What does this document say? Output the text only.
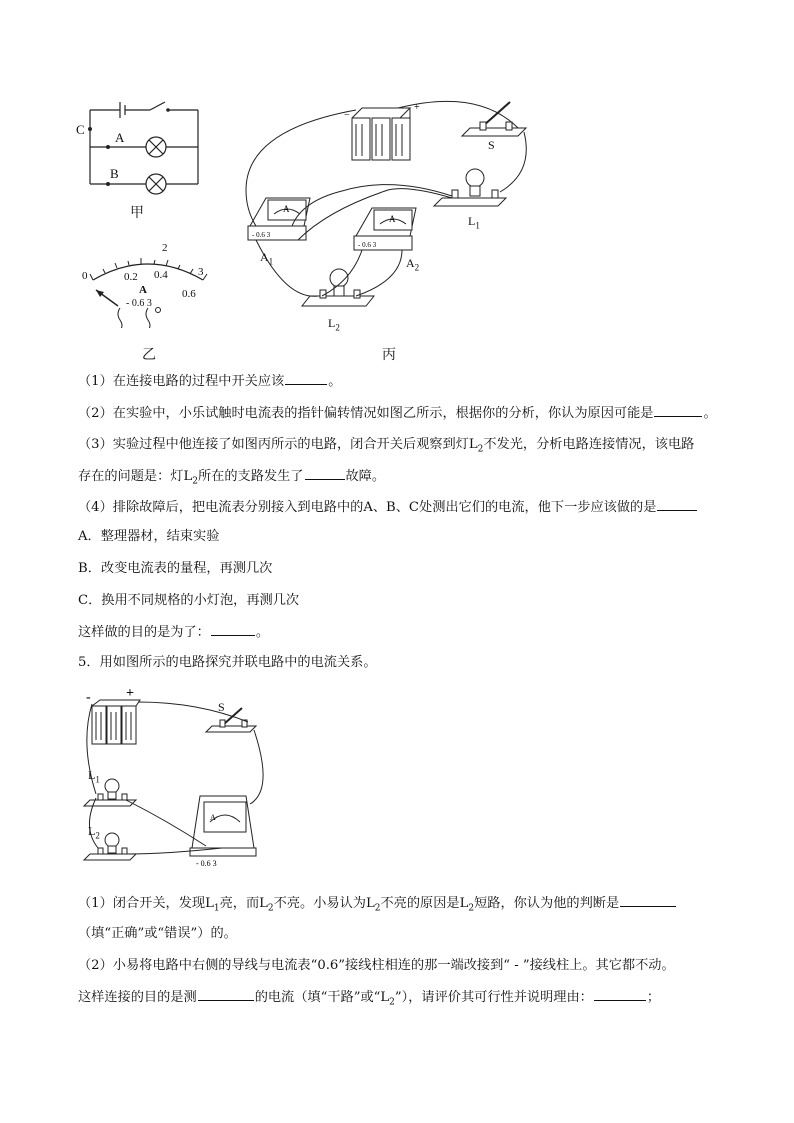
C
A
B
甲
0
2
3
0.2 0.4
0.6
A
- 0.6 3
乙
−
+
A
A
- 0.6 3
- 0.6 3
S
$L_1$
$A_1$	$A_2$
$L_2$
丙
（1）在连接电路的过程中开关应该	。
（2）在实验中，小乐试触时电流表的指针偏转情况如图乙所示，根据你的分析，你认为原因可能是	。
（3）实验过程中他连接了如图丙所示的电路，闭合开关后观察到灯$L_2$不发光，分析电路连接情况，该电路
存在的问题是：灯$L_2$所在的支路发生了	故障。
（4）排除故障后，把电流表分别接入到电路中的A、B、C处测出它们的电流，他下一步应该做的是
A．整理器材，结束实验
B．改变电流表的量程，再测几次
C．换用不同规格的小灯泡，再测几次
这样做的目的是为了：	。
5．用如图所示的电路探究并联电路中的电流关系。
A
- 0.6 3
-	+
S
$L_1$
$L_2$
（1）闭合开关，发现$L_1$亮，而$L_2$不亮。小易认为$L_2$不亮的原因是$L_2$短路，你认为他的判断是
（填“正确”或“错误”）的。
（2）小易将电路中右侧的导线与电流表“0.6”接线柱相连的那一端改接到“ - ”接线柱上。其它都不动。
这样连接的目的是测	的电流（填“干路”或“$L_2$”），请评价其可行性并说明理由：	；
